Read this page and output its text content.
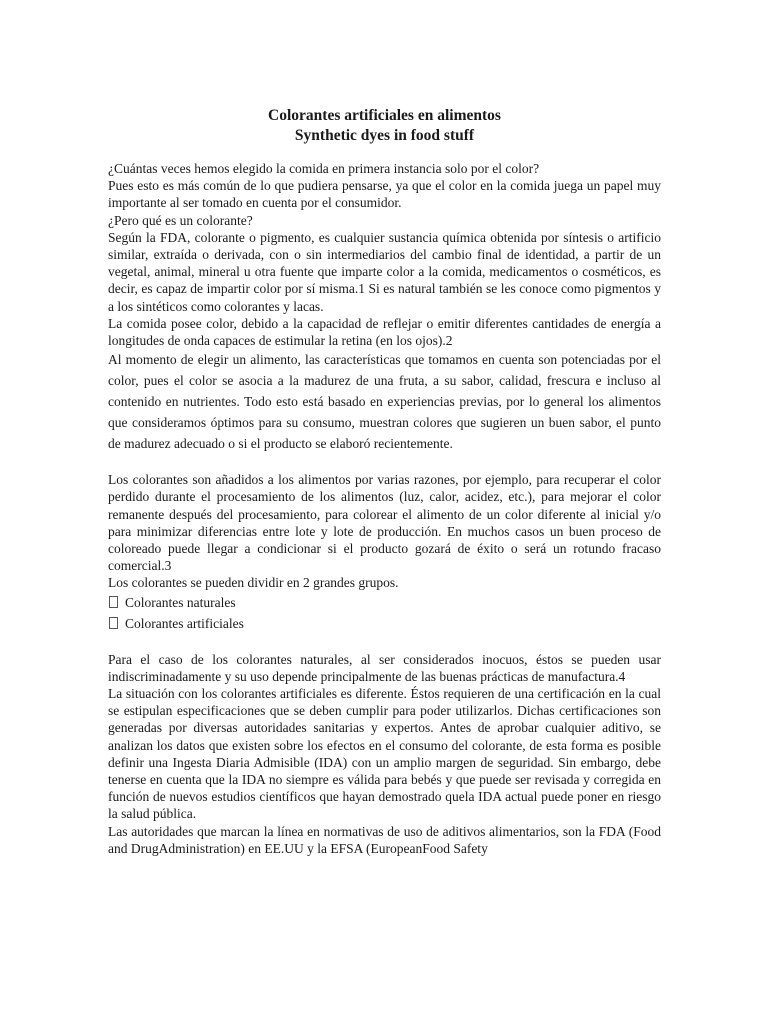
Colorantes artificiales en alimentos
Synthetic dyes in food stuff

¿Cuántas veces hemos elegido la comida en primera instancia solo por el color?

Pues esto es más común de lo que pudiera pensarse, ya que el color en la comida juega un papel muy importante al ser tomado en cuenta por el consumidor.

¿Pero qué es un colorante?

Según la FDA, colorante o pigmento, es cualquier sustancia química obtenida por síntesis o artificio similar, extraída o derivada, con o sin intermediarios del cambio final de identidad, a partir de un vegetal, animal, mineral u otra fuente que imparte color a la comida, medicamentos o cosméticos, es decir, es capaz de impartir color por sí misma.1 Si es natural también se les conoce como pigmentos y a los sintéticos como colorantes y lacas.

La comida posee color, debido a la capacidad de reflejar o emitir diferentes cantidades de energía a longitudes de onda capaces de estimular la retina (en los ojos).2

Al momento de elegir un alimento, las características que tomamos en cuenta son potenciadas por el color, pues el color se asocia a la madurez de una fruta, a su sabor, calidad, frescura e incluso al contenido en nutrientes. Todo esto está basado en experiencias previas, por lo general los alimentos que consideramos óptimos para su consumo, muestran colores que sugieren un buen sabor, el punto de madurez adecuado o si el producto se elaboró recientemente.

Los colorantes son añadidos a los alimentos por varias razones, por ejemplo, para recuperar el color perdido durante el procesamiento de los alimentos (luz, calor, acidez, etc.), para mejorar el color remanente después del procesamiento, para colorear el alimento de un color diferente al inicial y/o para minimizar diferencias entre lote y lote de producción. En muchos casos un buen proceso de coloreado puede llegar a condicionar si el producto gozará de éxito o será un rotundo fracaso comercial.3

Los colorantes se pueden dividir en 2 grandes grupos.

Colorantes naturales
Colorantes artificiales

Para el caso de los colorantes naturales, al ser considerados inocuos, éstos se pueden usar indiscriminadamente y su uso depende principalmente de las buenas prácticas de manufactura.4

La situación con los colorantes artificiales es diferente. Éstos requieren de una certificación en la cual se estipulan especificaciones que se deben cumplir para poder utilizarlos. Dichas certificaciones son generadas por diversas autoridades sanitarias y expertos. Antes de aprobar cualquier aditivo, se analizan los datos que existen sobre los efectos en el consumo del colorante, de esta forma es posible definir una Ingesta Diaria Admisible (IDA) con un amplio margen de seguridad. Sin embargo, debe tenerse en cuenta que la IDA no siempre es válida para bebés y que puede ser revisada y corregida en función de nuevos estudios científicos que hayan demostrado quela IDA actual puede poner en riesgo la salud pública.

Las autoridades que marcan la línea en normativas de uso de aditivos alimentarios, son la FDA (Food and DrugAdministration) en EE.UU y la EFSA (EuropeanFood Safety
